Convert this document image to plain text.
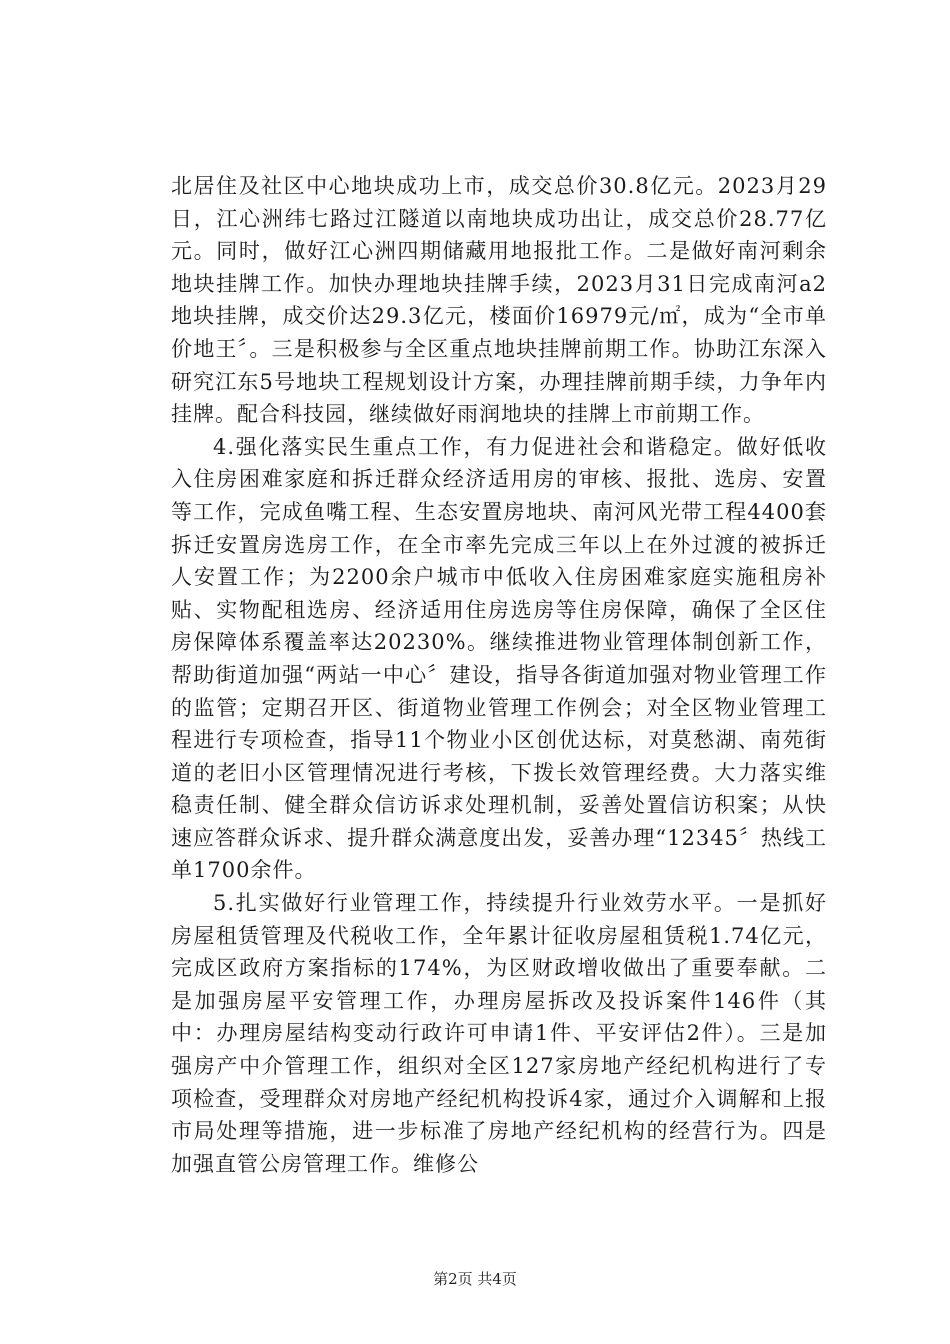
北居住及社区中心地块成功上市，成交总价30.8亿元。2023月29日，江心洲纬七路过江隧道以南地块成功出让，成交总价28.77亿元。同时，做好江心洲四期储藏用地报批工作。二是做好南河剩余地块挂牌工作。加快办理地块挂牌手续，2023月31日完成南河a2地块挂牌，成交价达29.3亿元，楼面价16979元/㎡，成为“全市单价地王〞。三是积极参与全区重点地块挂牌前期工作。协助江东深入研究江东5号地块工程规划设计方案，办理挂牌前期手续，力争年内挂牌。配合科技园，继续做好雨润地块的挂牌上市前期工作。

4.强化落实民生重点工作，有力促进社会和谐稳定。做好低收入住房困难家庭和拆迁群众经济适用房的审核、报批、选房、安置等工作，完成鱼嘴工程、生态安置房地块、南河风光带工程4400套拆迁安置房选房工作，在全市率先完成三年以上在外过渡的被拆迁人安置工作；为2200余户城市中低收入住房困难家庭实施租房补贴、实物配租选房、经济适用住房选房等住房保障，确保了全区住房保障体系覆盖率达20230%。继续推进物业管理体制创新工作，帮助街道加强“两站一中心〞建设，指导各街道加强对物业管理工作的监管；定期召开区、街道物业管理工作例会；对全区物业管理工程进行专项检查，指导11个物业小区创优达标，对莫愁湖、南苑街道的老旧小区管理情况进行考核，下拨长效管理经费。大力落实维稳责任制、健全群众信访诉求处理机制，妥善处置信访积案；从快速应答群众诉求、提升群众满意度出发，妥善办理“12345〞热线工单1700余件。

5.扎实做好行业管理工作，持续提升行业效劳水平。一是抓好房屋租赁管理及代税收工作，全年累计征收房屋租赁税1.74亿元，完成区政府方案指标的174%，为区财政增收做出了重要奉献。二是加强房屋平安管理工作，办理房屋拆改及投诉案件146件（其中：办理房屋结构变动行政许可申请1件、平安评估2件）。三是加强房产中介管理工作，组织对全区127家房地产经纪机构进行了专项检查，受理群众对房地产经纪机构投诉4家，通过介入调解和上报市局处理等措施，进一步标准了房地产经纪机构的经营行为。四是加强直管公房管理工作。维修公

第2页 共4页
